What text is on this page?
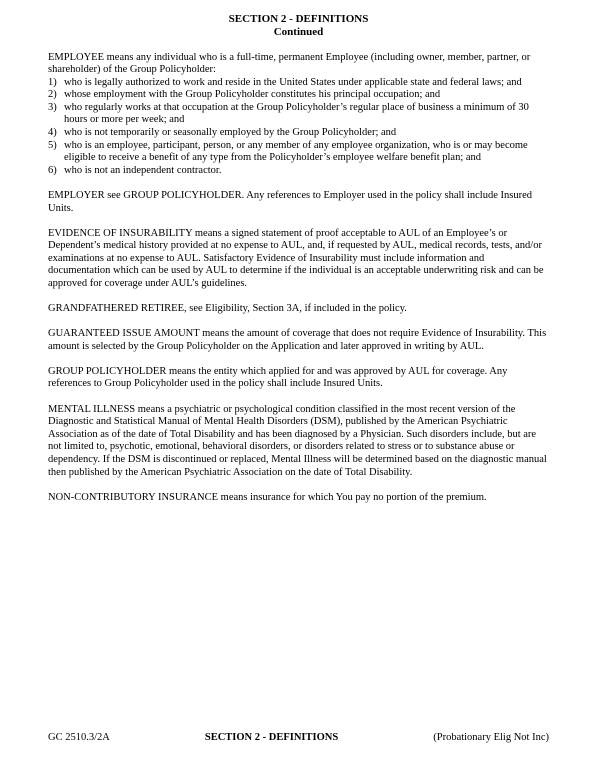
SECTION 2 - DEFINITIONS
Continued
EMPLOYEE means any individual who is a full-time, permanent Employee (including owner, member, partner, or shareholder) of the Group Policyholder:
1) who is legally authorized to work and reside in the United States under applicable state and federal laws; and
2) whose employment with the Group Policyholder constitutes his principal occupation; and
3) who regularly works at that occupation at the Group Policyholder’s regular place of business a minimum of 30 hours or more per week; and
4) who is not temporarily or seasonally employed by the Group Policyholder; and
5) who is an employee, participant, person, or any member of any employee organization, who is or may become eligible to receive a benefit of any type from the Policyholder’s employee welfare benefit plan; and
6) who is not an independent contractor.
EMPLOYER see GROUP POLICYHOLDER. Any references to Employer used in the policy shall include Insured Units.
EVIDENCE OF INSURABILITY means a signed statement of proof acceptable to AUL of an Employee’s or Dependent’s medical history provided at no expense to AUL, and, if requested by AUL, medical records, tests, and/or examinations at no expense to AUL. Satisfactory Evidence of Insurability must include information and documentation which can be used by AUL to determine if the individual is an acceptable underwriting risk and can be approved for coverage under AUL’s guidelines.
GRANDFATHERED RETIREE, see Eligibility, Section 3A, if included in the policy.
GUARANTEED ISSUE AMOUNT means the amount of coverage that does not require Evidence of Insurability. This amount is selected by the Group Policyholder on the Application and later approved in writing by AUL.
GROUP POLICYHOLDER means the entity which applied for and was approved by AUL for coverage. Any references to Group Policyholder used in the policy shall include Insured Units.
MENTAL ILLNESS means a psychiatric or psychological condition classified in the most recent version of the Diagnostic and Statistical Manual of Mental Health Disorders (DSM), published by the American Psychiatric Association as of the date of Total Disability and has been diagnosed by a Physician. Such disorders include, but are not limited to, psychotic, emotional, behavioral disorders, or disorders related to stress or to substance abuse or dependency. If the DSM is discontinued or replaced, Mental Illness will be determined based on the diagnostic manual then published by the American Psychiatric Association on the date of Total Disability.
NON-CONTRIBUTORY INSURANCE means insurance for which You pay no portion of the premium.
GC 2510.3/2A	SECTION 2 - DEFINITIONS	(Probationary Elig Not Inc)
